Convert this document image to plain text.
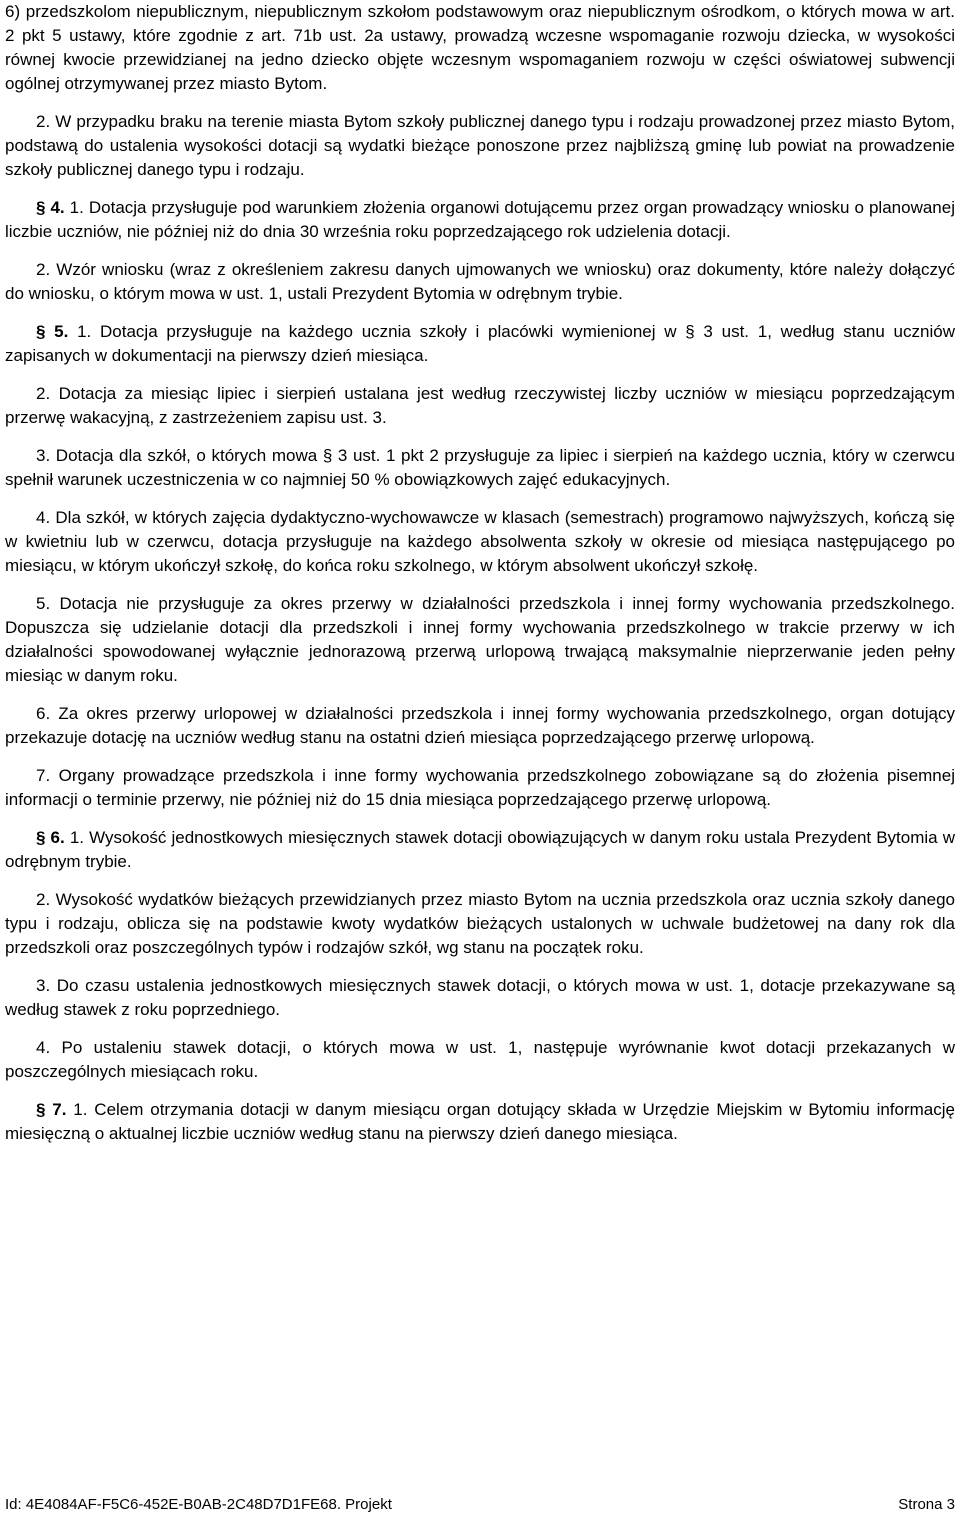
6) przedszkolom niepublicznym, niepublicznym szkołom podstawowym oraz niepublicznym ośrodkom, o których mowa w art. 2 pkt 5 ustawy, które zgodnie z art. 71b ust. 2a ustawy, prowadzą wczesne wspomaganie rozwoju dziecka, w wysokości równej kwocie przewidzianej na jedno dziecko objęte wczesnym wspomaganiem rozwoju w części oświatowej subwencji ogólnej otrzymywanej przez miasto Bytom.

2. W przypadku braku na terenie miasta Bytom szkoły publicznej danego typu i rodzaju prowadzonej przez miasto Bytom, podstawą do ustalenia wysokości dotacji są wydatki bieżące ponoszone przez najbliższą gminę lub powiat na prowadzenie szkoły publicznej danego typu i rodzaju.

§ 4. 1. Dotacja przysługuje pod warunkiem złożenia organowi dotującemu przez organ prowadzący wniosku o planowanej liczbie uczniów, nie później niż do dnia 30 września roku poprzedzającego rok udzielenia dotacji.

2. Wzór wniosku (wraz z określeniem zakresu danych ujmowanych we wniosku) oraz dokumenty, które należy dołączyć do wniosku, o którym mowa w ust. 1, ustali Prezydent Bytomia w odrębnym trybie.

§ 5. 1. Dotacja przysługuje na każdego ucznia szkoły i placówki wymienionej w § 3 ust. 1, według stanu uczniów zapisanych w dokumentacji na pierwszy dzień miesiąca.

2. Dotacja za miesiąc lipiec i sierpień ustalana jest według rzeczywistej liczby uczniów w miesiącu poprzedzającym przerwę wakacyjną, z zastrzeżeniem zapisu ust. 3.

3. Dotacja dla szkół, o których mowa § 3 ust. 1 pkt 2 przysługuje za lipiec i sierpień na każdego ucznia, który w czerwcu spełnił warunek uczestniczenia w co najmniej 50 % obowiązkowych zajęć edukacyjnych.

4. Dla szkół, w których zajęcia dydaktyczno-wychowawcze w klasach (semestrach) programowo najwyższych, kończą się w kwietniu lub w czerwcu, dotacja przysługuje na każdego absolwenta szkoły w okresie od miesiąca następującego po miesiącu, w którym ukończył szkołę, do końca roku szkolnego, w którym absolwent ukończył szkołę.

5. Dotacja nie przysługuje za okres przerwy w działalności przedszkola i innej formy wychowania przedszkolnego. Dopuszcza się udzielanie dotacji dla przedszkoli i innej formy wychowania przedszkolnego w trakcie przerwy w ich działalności spowodowanej wyłącznie jednorazową przerwą urlopową trwającą maksymalnie nieprzerwanie jeden pełny miesiąc w danym roku.

6. Za okres przerwy urlopowej w działalności przedszkola i innej formy wychowania przedszkolnego, organ dotujący przekazuje dotację na uczniów według stanu na ostatni dzień miesiąca poprzedzającego przerwę urlopową.

7. Organy prowadzące przedszkola i inne formy wychowania przedszkolnego zobowiązane są do złożenia pisemnej informacji o terminie przerwy, nie później niż do 15 dnia miesiąca poprzedzającego przerwę urlopową.

§ 6. 1. Wysokość jednostkowych miesięcznych stawek dotacji obowiązujących w danym roku ustala Prezydent Bytomia w odrębnym trybie.

2. Wysokość wydatków bieżących przewidzianych przez miasto Bytom na ucznia przedszkola oraz ucznia szkoły danego typu i rodzaju, oblicza się na podstawie kwoty wydatków bieżących ustalonych w uchwale budżetowej na dany rok dla przedszkoli oraz poszczególnych typów i rodzajów szkół, wg stanu na początek roku.

3. Do czasu ustalenia jednostkowych miesięcznych stawek dotacji, o których mowa w ust. 1, dotacje przekazywane są według stawek z roku poprzedniego.

4. Po ustaleniu stawek dotacji, o których mowa w ust. 1, następuje wyrównanie kwot dotacji przekazanych w poszczególnych miesiącach roku.

§ 7. 1. Celem otrzymania dotacji w danym miesiącu organ dotujący składa w Urzędzie Miejskim w Bytomiu informację miesięczną o aktualnej liczbie uczniów według stanu na pierwszy dzień danego miesiąca.

Id: 4E4084AF-F5C6-452E-B0AB-2C48D7D1FE68. Projekt	Strona 3
